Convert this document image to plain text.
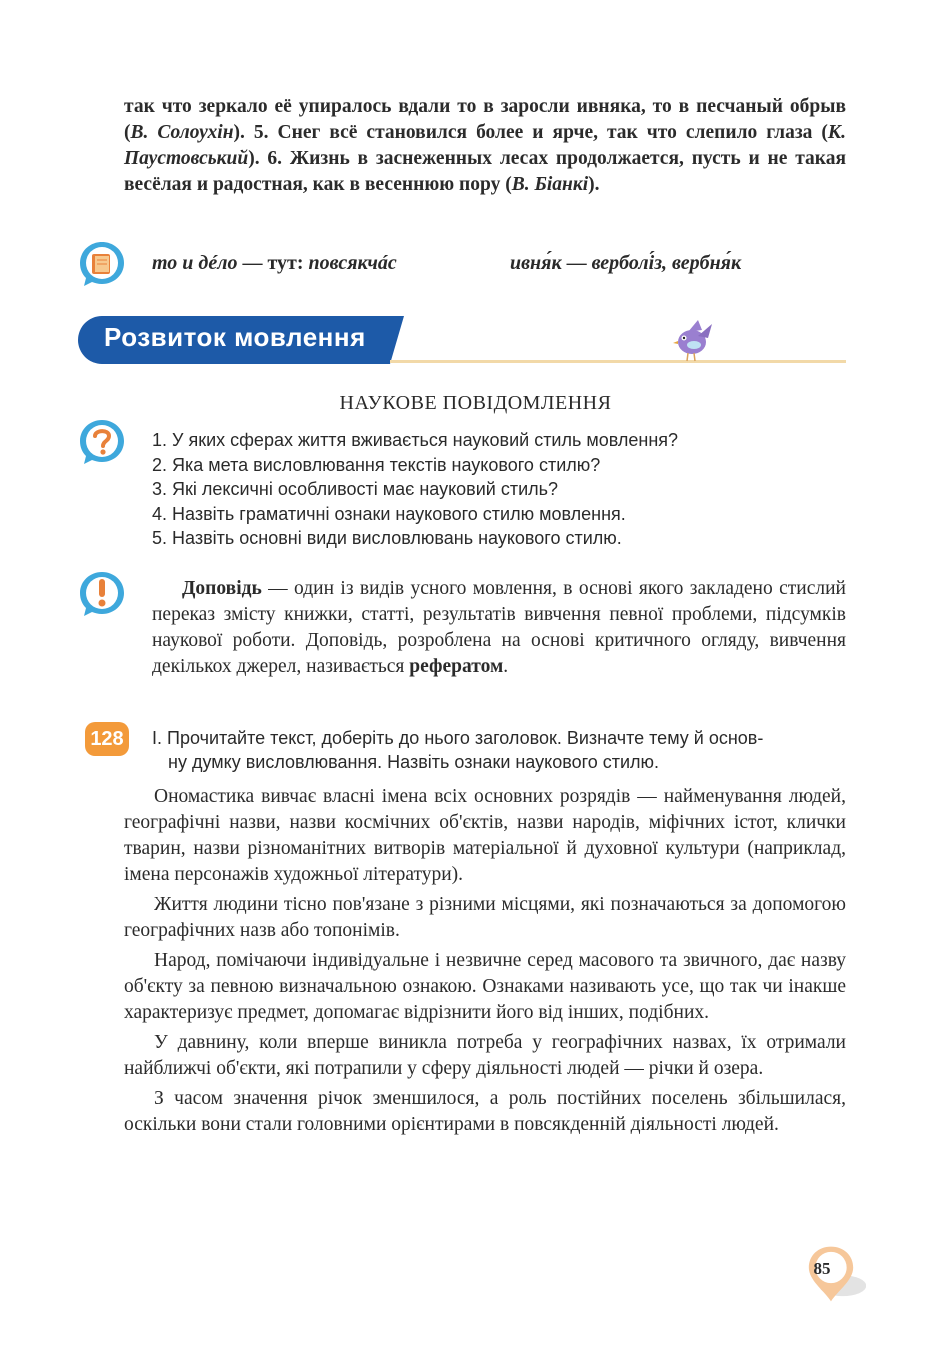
так что зеркало её упиралось вдали то в заросли ивняка, то в песчаный обрыв (В. Солоухін). 5. Снег всё становился более и ярче, так что слепило глаза (К. Паустовський). 6. Жизнь в заснеженных лесах продолжается, пусть и не такая весёлая и радостная, как в весеннюю пору (В. Біанкі).
то и дéло — тут: повсякчáс	ивня́к — верболі́з, вербня́к
Розвиток мовлення
НАУКОВЕ ПОВІДОМЛЕННЯ
1. У яких сферах життя вживається науковий стиль мовлення?
2. Яка мета висловлювання текстів наукового стилю?
3. Які лексичні особливості має науковий стиль?
4. Назвіть граматичні ознаки наукового стилю мовлення.
5. Назвіть основні види висловлювань наукового стилю.
Доповідь — один із видів усного мовлення, в основі якого закладено стислий переказ змісту книжки, статті, результатів вивчення певної проблеми, підсумків наукової роботи. Доповідь, розроблена на основі критичного огляду, вивчення декількох джерел, називається рефератом.
128 І. Прочитайте текст, доберіть до нього заголовок. Визначте тему й основ-
ну думку висловлювання. Назвіть ознаки наукового стилю.
Ономастика вивчає власні імена всіх основних розрядів — найменування людей, географічні назви, назви космічних об'єктів, назви народів, міфічних істот, клички тварин, назви різноманітних витворів матеріальної й духовної культури (наприклад, імена персонажів художньої літератури).
Життя людини тісно пов'язане з різними місцями, які позначаються за допомогою географічних назв або топонімів.
Народ, помічаючи індивідуальне і незвичне серед масового та звичного, дає назву об'єкту за певною визначальною ознакою. Ознаками називають усе, що так чи інакше характеризує предмет, допомагає відрізнити його від інших, подібних.
У давнину, коли вперше виникла потреба у географічних назвах, їх отримали найближчі об'єкти, які потрапили у сферу діяльності людей — річки й озера.
З часом значення річок зменшилося, а роль постійних поселень збільшилася, оскільки вони стали головними орієнтирами в повсякденній діяльності людей.
85
